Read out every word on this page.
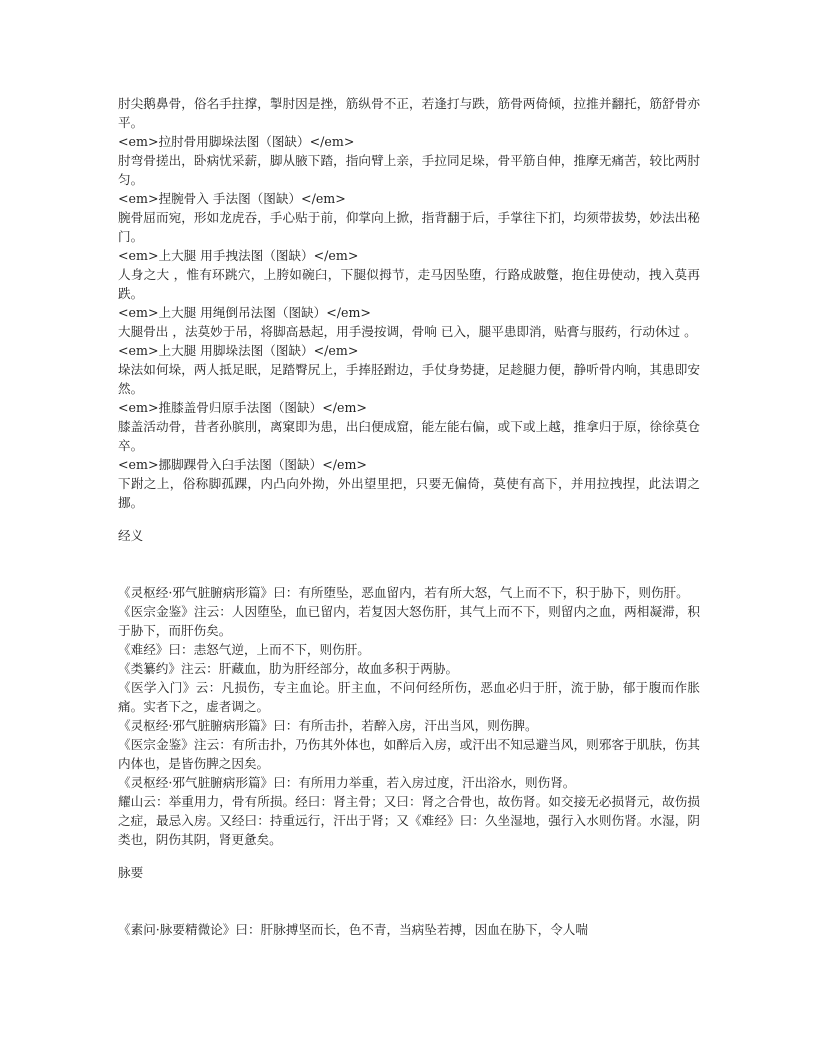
肘尖鹅鼻骨，俗名手拄撑，掣肘因是挫，筋纵骨不正，若逢打与跌，筋骨两倚倾，拉推并翻托，筋舒骨亦平。

<em>拉肘骨用脚垛法图（图缺）</em>

肘弯骨搓出，卧病忧采薪，脚从腋下踏，指向臂上亲，手拉同足垛，骨平筋自伸，推摩无痛苦，较比两肘匀。

<em>捏腕骨入 手法图（图缺）</em>

腕骨屈而宛，形如龙虎吞，手心贴于前，仰掌向上掀，指背翻于后，手掌往下扪，均须带拔势，妙法出秘门。

<em>上大腿 用手拽法图（图缺）</em>

人身之大 ，惟有环跳穴，上胯如碗臼，下腿似拇节，走马因坠堕，行路成跛蹩，抱住毋使动，拽入莫再跌。

<em>上大腿 用绳倒吊法图（图缺）</em>

大腿骨出 ，法莫妙于吊，将脚高悬起，用手漫按调，骨响 已入，腿平患即消，贴膏与服药，行动休过 。

<em>上大腿 用脚垛法图（图缺）</em>

垛法如何垛，两人抵足眠，足踏臀尻上，手捧胫跗边，手仗身势捷，足趁腿力便，静听骨内响，其患即安然。

<em>推膝盖骨归原手法图（图缺）</em>

膝盖活动骨，昔者孙膑刖，离窠即为患，出臼便成窟，能左能右偏，或下或上越，推拿归于原，徐徐莫仓卒。

<em>挪脚踝骨入臼手法图（图缺）</em>

下跗之上，俗称脚孤踝，内凸向外拗，外出望里把，只要无偏倚，莫使有高下，并用拉拽捏，此法谓之挪。

经义

《灵枢经·邪气脏腑病形篇》曰：有所堕坠，恶血留内，若有所大怒，气上而不下，积于胁下，则伤肝。

《医宗金鉴》注云：人因堕坠，血已留内，若复因大怒伤肝，其气上而不下，则留内之血，两相凝滞，积于胁下，而肝伤矣。

《难经》曰：恚怒气逆，上而不下，则伤肝。

《类纂约》注云：肝藏血，肋为肝经部分，故血多积于两胁。

《医学入门》云：凡损伤，专主血论。肝主血，不问何经所伤，恶血必归于肝，流于胁，郁于腹而作胀痛。实者下之，虚者调之。

《灵枢经·邪气脏腑病形篇》曰：有所击扑，若醉入房，汗出当风，则伤脾。

《医宗金鉴》注云：有所击扑，乃伤其外体也，如醉后入房，或汗出不知忌避当风，则邪客于肌肤，伤其内体也，是皆伤脾之因矣。

《灵枢经·邪气脏腑病形篇》曰：有所用力举重，若入房过度，汗出浴水，则伤肾。

耀山云：举重用力，骨有所损。经曰：肾主骨；又曰：肾之合骨也，故伤肾。如交接无必损肾元，故伤损之症，最忌入房。又经曰：持重远行，汗出于肾；又《难经》曰：久坐湿地，强行入水则伤肾。水湿，阴类也，阴伤其阴，肾更惫矣。

脉要

《素问·脉要精微论》曰：肝脉搏坚而长，色不青，当病坠若搏，因血在胁下，令人喘
